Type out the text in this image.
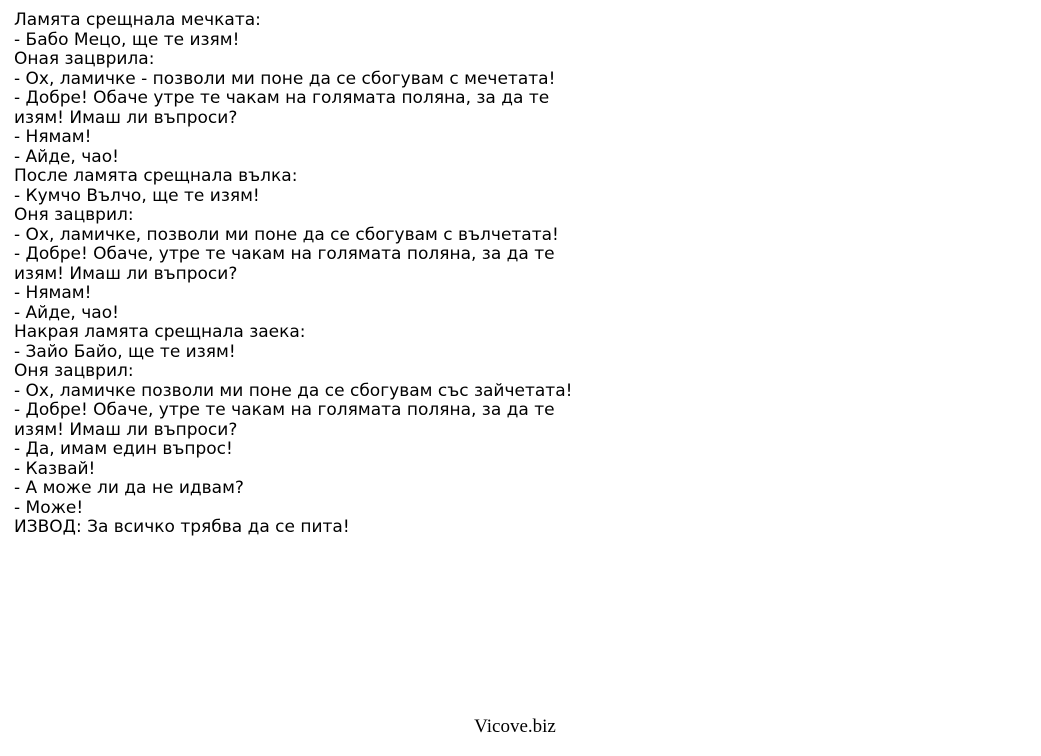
Ламята срещнала мечката:
- Бабо Мецо, ще те изям!
Оная зацврила:
- Ох, ламичке - позволи ми поне да се сбогувам с мечетата!
- Добре! Обаче утре те чакам на голямата поляна, за да те изям! Имаш ли въпроси?
- Нямам!
- Айде, чао!
После ламята срещнала вълка:
- Кумчо Вълчо, ще те изям!
Оня зацврил:
- Ох, ламичке, позволи ми поне да се сбогувам с вълчетата!
- Добре! Обаче, утре те чакам на голямата поляна, за да те изям! Имаш ли въпроси?
- Нямам!
- Айде, чао!
Накрая ламята срещнала заека:
- Зайо Байо, ще те изям!
Оня зацврил:
- Ох, ламичке позволи ми поне да се сбогувам със зайчетата!
- Добре! Обаче, утре те чакам на голямата поляна, за да те изям! Имаш ли въпроси?
- Да, имам един въпрос!
- Казвай!
- А може ли да не идвам?
- Може!
ИЗВОД: За всичко трябва да се пита!
Vicove.biz
